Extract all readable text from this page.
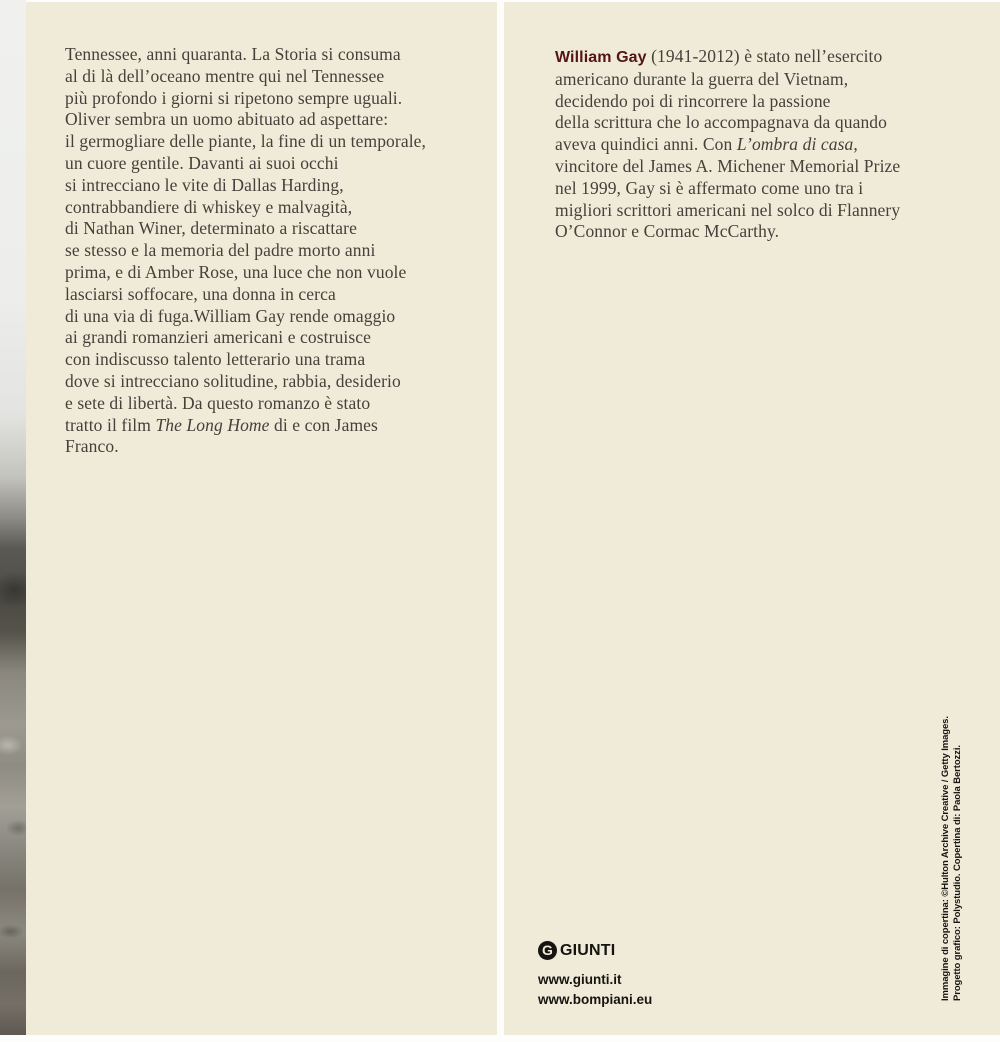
Tennessee, anni quaranta. La Storia si consuma
al di là dell’oceano mentre qui nel Tennessee
più profondo i giorni si ripetono sempre uguali.
Oliver sembra un uomo abituato ad aspettare:
il germogliare delle piante, la fine di un temporale,
un cuore gentile. Davanti ai suoi occhi
si intrecciano le vite di Dallas Harding,
contrabbandiere di whiskey e malvagità,
di Nathan Winer, determinato a riscattare
se stesso e la memoria del padre morto anni
prima, e di Amber Rose, una luce che non vuole
lasciarsi soffocare, una donna in cerca
di una via di fuga.William Gay rende omaggio
ai grandi romanzieri americani e costruisce
con indiscusso talento letterario una trama
dove si intrecciano solitudine, rabbia, desiderio
e sete di libertà. Da questo romanzo è stato
tratto il film The Long Home di e con James
Franco.
William Gay (1941-2012) è stato nell’esercito
americano durante la guerra del Vietnam,
decidendo poi di rincorrere la passione
della scrittura che lo accompagnava da quando
aveva quindici anni. Con L’ombra di casa,
vincitore del James A. Michener Memorial Prize
nel 1999, Gay si è affermato come uno tra i
migliori scrittori americani nel solco di Flannery
O’Connor e Cormac McCarthy.
G GIUNTI
www.giunti.it
www.bompiani.eu	Immagine di copertina: ©Hulton Archive Creative / Getty Images. Progetto grafico: Polystudio. Copertina di: Paola Bertozzi.
